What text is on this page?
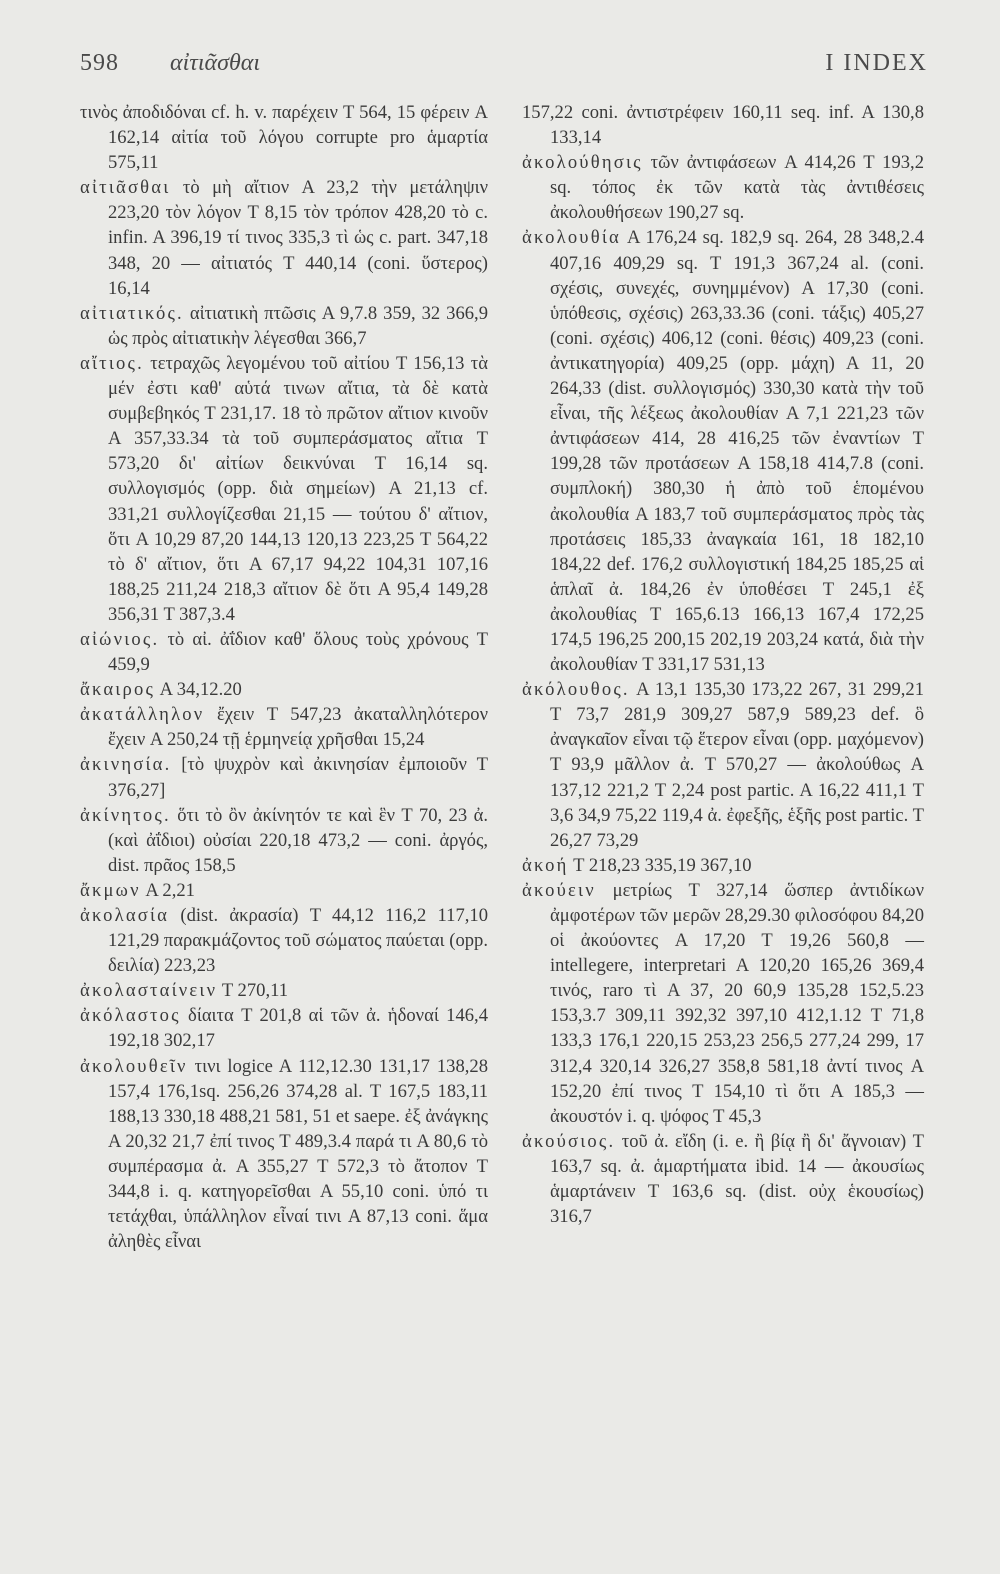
598 αἰτιᾶσθαι	I INDEX

τινὸς ἀποδιδόναι cf. h. v. παρέχειν T 564, 15 φέρειν A 162,14 αἰτία τοῦ λόγου corrupte pro ἁμαρτία 575,11

αἰτιᾶσθαι τὸ μὴ αἴτιον A 23,2 τὴν μετάληψιν 223,20 τὸν λόγον T 8,15 τὸν τρόπον 428,20 τὸ c. infin. A 396,19 τί τινος 335,3 τὶ ὡς c. part. 347,18 348, 20 — αἰτιατός T 440,14 (coni. ὕστερος) 16,14

αἰτιατικός. αἰτιατικὴ πτῶσις A 9,7.8 359, 32 366,9 ὡς πρὸς αἰτιατικὴν λέγεσθαι 366,7

αἴτιος. τετραχῶς λεγομένου τοῦ αἰτίου T 156,13 τὰ μέν ἐστι καθ' αὑτά τινων αἴτια, τὰ δὲ κατὰ συμβεβηκός T 231,17. 18 τὸ πρῶτον αἴτιον κινοῦν A 357,33.34 τὰ τοῦ συμπεράσματος αἴτια T 573,20 δι' αἰτίων δεικνύναι T 16,14 sq. συλλογισμός (opp. διὰ σημείων) A 21,13 cf. 331,21 συλλογίζεσθαι 21,15 — τούτου δ' αἴτιον, ὅτι A 10,29 87,20 144,13 120,13 223,25 T 564,22 τὸ δ' αἴτιον, ὅτι A 67,17 94,22 104,31 107,16 188,25 211,24 218,3 αἴτιον δὲ ὅτι A 95,4 149,28 356,31 T 387,3.4

αἰώνιος. τὸ αἰ. ἀΐδιον καθ' ὅλους τοὺς χρόνους T 459,9

ἄκαιρος A 34,12.20

ἀκατάλληλον ἔχειν T 547,23 ἀκαταλληλότερον ἔχειν A 250,24 τῇ ἑρμηνείᾳ χρῆσθαι 15,24

ἀκινησία. [τὸ ψυχρὸν καὶ ἀκινησίαν ἐμποιοῦν T 376,27]

ἀκίνητος. ὅτι τὸ ὂν ἀκίνητόν τε καὶ ἓν T 70, 23 ἀ. (καὶ ἀΐδιοι) οὐσίαι 220,18 473,2 — coni. ἀργός, dist. πρᾶος 158,5

ἄκμων A 2,21

ἀκολασία (dist. ἀκρασία) T 44,12 116,2 117,10 121,29 παρακμάζοντος τοῦ σώματος παύεται (opp. δειλία) 223,23

ἀκολασταίνειν T 270,11

ἀκόλαστος δίαιτα T 201,8 αἱ τῶν ἀ. ἡδοναί 146,4 192,18 302,17

ἀκολουθεῖν τινι logice A 112,12.30 131,17 138,28 157,4 176,1sq. 256,26 374,28 al. T 167,5 183,11 188,13 330,18 488,21 581, 51 et saepe. ἐξ ἀνάγκης A 20,32 21,7 ἐπί τινος T 489,3.4 παρά τι A 80,6 τὸ συμπέρασμα ἀ. A 355,27 T 572,3 τὸ ἄτοπον T 344,8 i. q. κατηγορεῖσθαι A 55,10 coni. ὑπό τι τετάχθαι, ὑπάλληλον εἶναί τινι A 87,13 coni. ἅμα ἀληθὲς εἶναι

157,22 coni. ἀντιστρέφειν 160,11 seq. inf. A 130,8 133,14

ἀκολούθησις τῶν ἀντιφάσεων A 414,26 T 193,2 sq. τόπος ἐκ τῶν κατὰ τὰς ἀντιθέσεις ἀκολουθήσεων 190,27 sq.

ἀκολουθία A 176,24 sq. 182,9 sq. 264, 28 348,2.4 407,16 409,29 sq. T 191,3 367,24 al. (coni. σχέσις, συνεχές, συνημμένον) A 17,30 (coni. ὑπόθεσις, σχέσις) 263,33.36 (coni. τάξις) 405,27 (coni. σχέσις) 406,12 (coni. θέσις) 409,23 (coni. ἀντικατηγορία) 409,25 (opp. μάχη) A 11, 20 264,33 (dist. συλλογισμός) 330,30 κατὰ τὴν τοῦ εἶναι, τῆς λέξεως ἀκολουθίαν A 7,1 221,23 τῶν ἀντιφάσεων 414, 28 416,25 τῶν ἐναντίων T 199,28 τῶν προτάσεων A 158,18 414,7.8 (coni. συμπλοκή) 380,30 ἡ ἀπὸ τοῦ ἑπομένου ἀκολουθία A 183,7 τοῦ συμπεράσματος πρὸς τὰς προτάσεις 185,33 ἀναγκαία 161, 18 182,10 184,22 def. 176,2 συλλογιστική 184,25 185,25 αἱ ἁπλαῖ ἀ. 184,26 ἐν ὑποθέσει T 245,1 ἐξ ἀκολουθίας T 165,6.13 166,13 167,4 172,25 174,5 196,25 200,15 202,19 203,24 κατά, διὰ τὴν ἀκολουθίαν T 331,17 531,13

ἀκόλουθος. A 13,1 135,30 173,22 267, 31 299,21 T 73,7 281,9 309,27 587,9 589,23 def. ὃ ἀναγκαῖον εἶναι τῷ ἕτερον εἶναι (opp. μαχόμενον) T 93,9 μᾶλλον ἀ. T 570,27 — ἀκολούθως A 137,12 221,2 T 2,24 post partic. A 16,22 411,1 T 3,6 34,9 75,22 119,4 ἀ. ἐφεξῆς, ἑξῆς post partic. T 26,27 73,29

ἀκοή T 218,23 335,19 367,10

ἀκούειν μετρίως T 327,14 ὥσπερ ἀντιδίκων ἀμφοτέρων τῶν μερῶν 28,29.30 φιλοσόφου 84,20 οἱ ἀκούοντες A 17,20 T 19,26 560,8 — intellegere, interpretari A 120,20 165,26 369,4 τινός, raro τὶ A 37, 20 60,9 135,28 152,5.23 153,3.7 309,11 392,32 397,10 412,1.12 T 71,8 133,3 176,1 220,15 253,23 256,5 277,24 299, 17 312,4 320,14 326,27 358,8 581,18 ἀντί τινος A 152,20 ἐπί τινος T 154,10 τὶ ὅτι A 185,3 — ἀκουστόν i. q. ψόφος T 45,3

ἀκούσιος. τοῦ ἀ. εἴδη (i. e. ἢ βίᾳ ἢ δι' ἄγνοιαν) T 163,7 sq. ἀ. ἁμαρτήματα ibid. 14 — ἀκουσίως ἁμαρτάνειν T 163,6 sq. (dist. οὐχ ἑκουσίως) 316,7
